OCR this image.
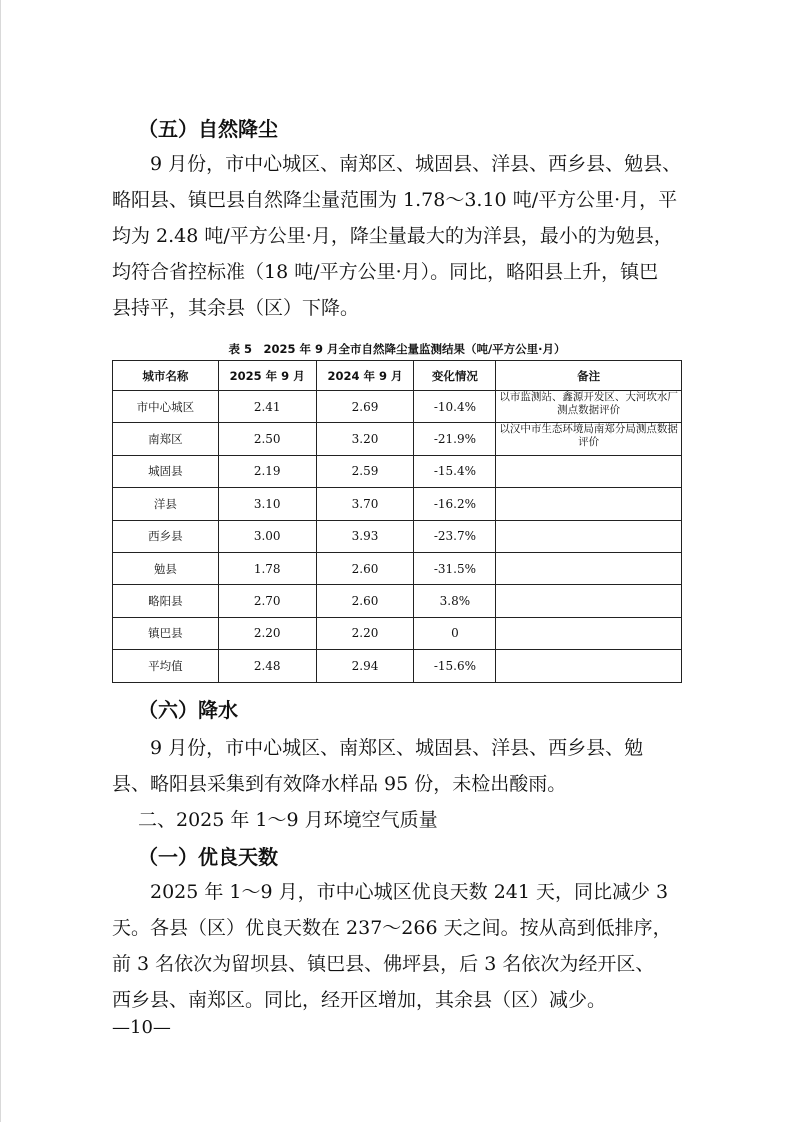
（五）自然降尘
9 月份，市中心城区、南郑区、城固县、洋县、西乡县、勉县、
略阳县、镇巴县自然降尘量范围为 1.78～3.10 吨/平方公里·月，平
均为 2.48 吨/平方公里·月，降尘量最大的为洋县，最小的为勉县，
均符合省控标准（18 吨/平方公里·月）。同比，略阳县上升，镇巴
县持平，其余县（区）下降。
表 5　2025 年 9 月全市自然降尘量监测结果（吨/平方公里·月）
城市名称	2025 年 9 月	2024 年 9 月	变化情况	备注
市中心城区	2.41	2.69	-10.4%	以市监测站、鑫源开发区、大河坎水厂测点数据评价
南郑区	2.50	3.20	-21.9%	以汉中市生态环境局南郑分局测点数据评价
城固县	2.19	2.59	-15.4%	
洋县	3.10	3.70	-16.2%	
西乡县	3.00	3.93	-23.7%	
勉县	1.78	2.60	-31.5%	
略阳县	2.70	2.60	3.8%	
镇巴县	2.20	2.20	0	
平均值	2.48	2.94	-15.6%	
（六）降水
9 月份，市中心城区、南郑区、城固县、洋县、西乡县、勉
县、略阳县采集到有效降水样品 95 份，未检出酸雨。
二、2025 年 1～9 月环境空气质量
（一）优良天数
2025 年 1～9 月，市中心城区优良天数 241 天，同比减少 3
天。各县（区）优良天数在 237～266 天之间。按从高到低排序，
前 3 名依次为留坝县、镇巴县、佛坪县，后 3 名依次为经开区、
西乡县、南郑区。同比，经开区增加，其余县（区）减少。
—10—
